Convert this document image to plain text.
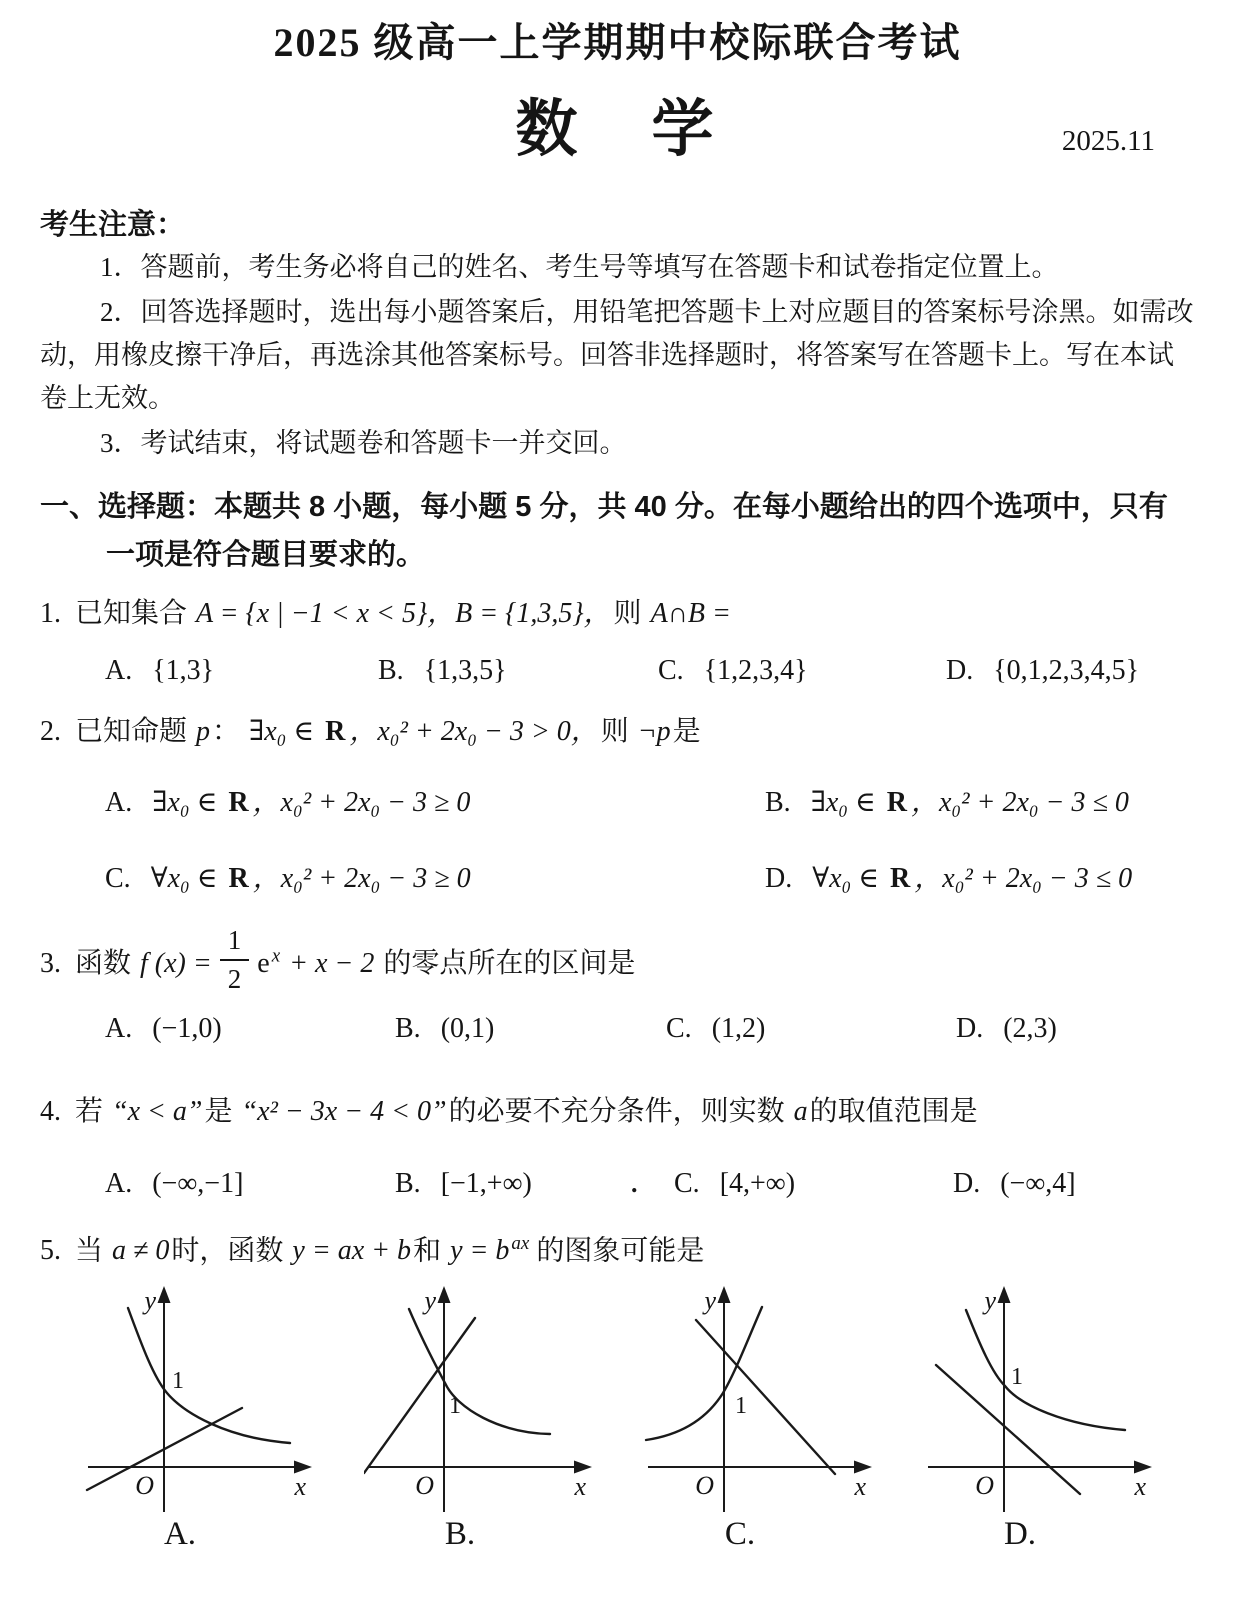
2025 级高一上学期期中校际联合考试
数　学	2025.11
考生注意：

1．答题前，考生务必将自己的姓名、考生号等填写在答题卡和试卷指定位置上。

2．回答选择题时，选出每小题答案后，用铅笔把答题卡上对应题目的答案标号涂黑。如需改动，用橡皮擦干净后，再选涂其他答案标号。回答非选择题时，将答案写在答题卡上。写在本试卷上无效。

3．考试结束，将试题卷和答题卡一并交回。

一、选择题：本题共 8 小题，每小题 5 分，共 40 分。在每小题给出的四个选项中，只有
一项是符合题目要求的。
1. 已知集合 A = {x | −1 < x < 5}，B = {1,3,5}，则 A∩B =
A. {1,3}	B. {1,3,5}	C. {1,2,3,4}	D. {0,1,2,3,4,5}
2. 已知命题 p： ∃x₀ ∈ R ，x₀² + 2x₀ − 3 > 0，则 ¬p是
A. ∃x₀ ∈ R ，x₀² + 2x₀ − 3 ≥ 0	B. ∃x₀ ∈ R ，x₀² + 2x₀ − 3 ≤ 0
C. ∀x₀ ∈ R ，x₀² + 2x₀ − 3 ≥ 0	D. ∀x₀ ∈ R ，x₀² + 2x₀ − 3 ≤ 0
3. 函数 f $(x) = \frac{1}{2}$ e $^x$ + x − 2 的零点所在的区间是
A. (−1,0)	B. (0,1)	C. (1,2)	D. (2,3)
4. 若 “x < a”是 “x² − 3x − 4 < 0”的必要不充分条件，则实数 a的取值范围是
A. (−∞,−1]	B. [−1,+∞)	.	C. [4,+∞)	D. (−∞,4]
5. 当 a ≠ 0时，函数 y = ax + b和 y = b $^{ax}$ 的图象可能是
1
y
x
O
A.
1
y
x
O
B.
1
y
x
O
C.
1
y
x
O
D.
